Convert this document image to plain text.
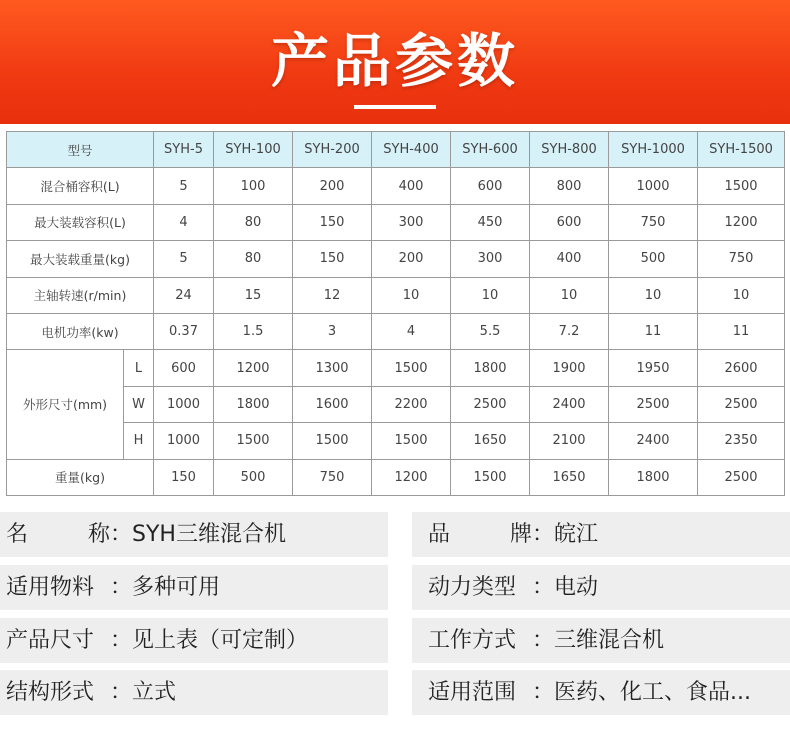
产品参数
型号		SYH-5	SYH-100	SYH-200	SYH-400	SYH-600	SYH-800	SYH-1000	SYH-1500
混合桶容积(L)		5	100	200	400	600	800	1000	1500
最大装载容积(L)		4	80	150	300	450	600	750	1200
最大装载重量(kg)		5	80	150	200	300	400	500	750
主轴转速(r/min)		24	15	12	10	10	10	10	10
电机功率(kw)		0.37	1.5	3	4	5.5	7.2	11	11
外形尺寸(mm)	L	600	1200	1300	1500	1800	1900	1950	2600
	W	1000	1800	1600	2200	2500	2400	2500	2500
	H	1000	1500	1500	1500	1650	2100	2400	2350
重量(kg)		150	500	750	1200	1500	1650	1800	2500
名	称 ： SYH三维混合机
适用物料 ： 多种可用
产品尺寸 ： 见上表（可定制）
结构形式 ： 立式
品	牌 ： 皖江
动力类型 ： 电动
工作方式 ： 三维混合机
适用范围 ： 医药、化工、食品...
